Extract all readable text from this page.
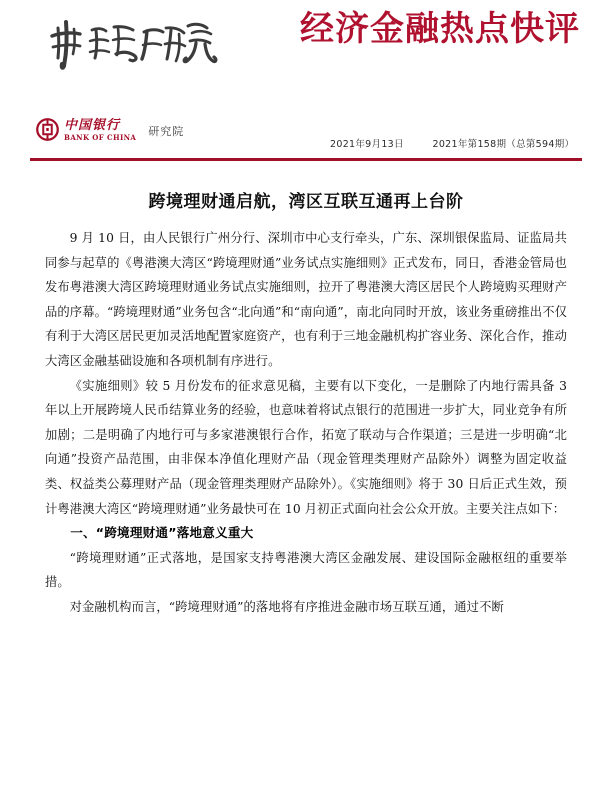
经济金融热点快评
中国银行
BANK OF CHINA 研究院
2021年9月13日	2021年第158期（总第594期）
跨境理财通启航，湾区互联互通再上台阶

9 月 10 日，由人民银行广州分行、深圳市中心支行牵头，广东、深圳银保监局、证监局共同参与起草的《粤港澳大湾区“跨境理财通”业务试点实施细则》正式发布，同日，香港金管局也发布粤港澳大湾区跨境理财通业务试点实施细则，拉开了粤港澳大湾区居民个人跨境购买理财产品的序幕。“跨境理财通”业务包含“北向通”和“南向通”，南北向同时开放，该业务重磅推出不仅有利于大湾区居民更加灵活地配置家庭资产，也有利于三地金融机构扩容业务、深化合作，推动大湾区金融基础设施和各项机制有序进行。

《实施细则》较 5 月份发布的征求意见稿，主要有以下变化，一是删除了内地行需具备 3 年以上开展跨境人民币结算业务的经验，也意味着将试点银行的范围进一步扩大，同业竞争有所加剧；二是明确了内地行可与多家港澳银行合作，拓宽了联动与合作渠道；三是进一步明确“北向通”投资产品范围，由非保本净值化理财产品（现金管理类理财产品除外）调整为固定收益类、权益类公募理财产品（现金管理类理财产品除外）。《实施细则》将于 30 日后正式生效，预计粤港澳大湾区“跨境理财通”业务最快可在 10 月初正式面向社会公众开放。主要关注点如下：

一、“跨境理财通”落地意义重大

“跨境理财通”正式落地，是国家支持粤港澳大湾区金融发展、建设国际金融枢纽的重要举措。

对金融机构而言，“跨境理财通”的落地将有序推进金融市场互联互通，通过不断
